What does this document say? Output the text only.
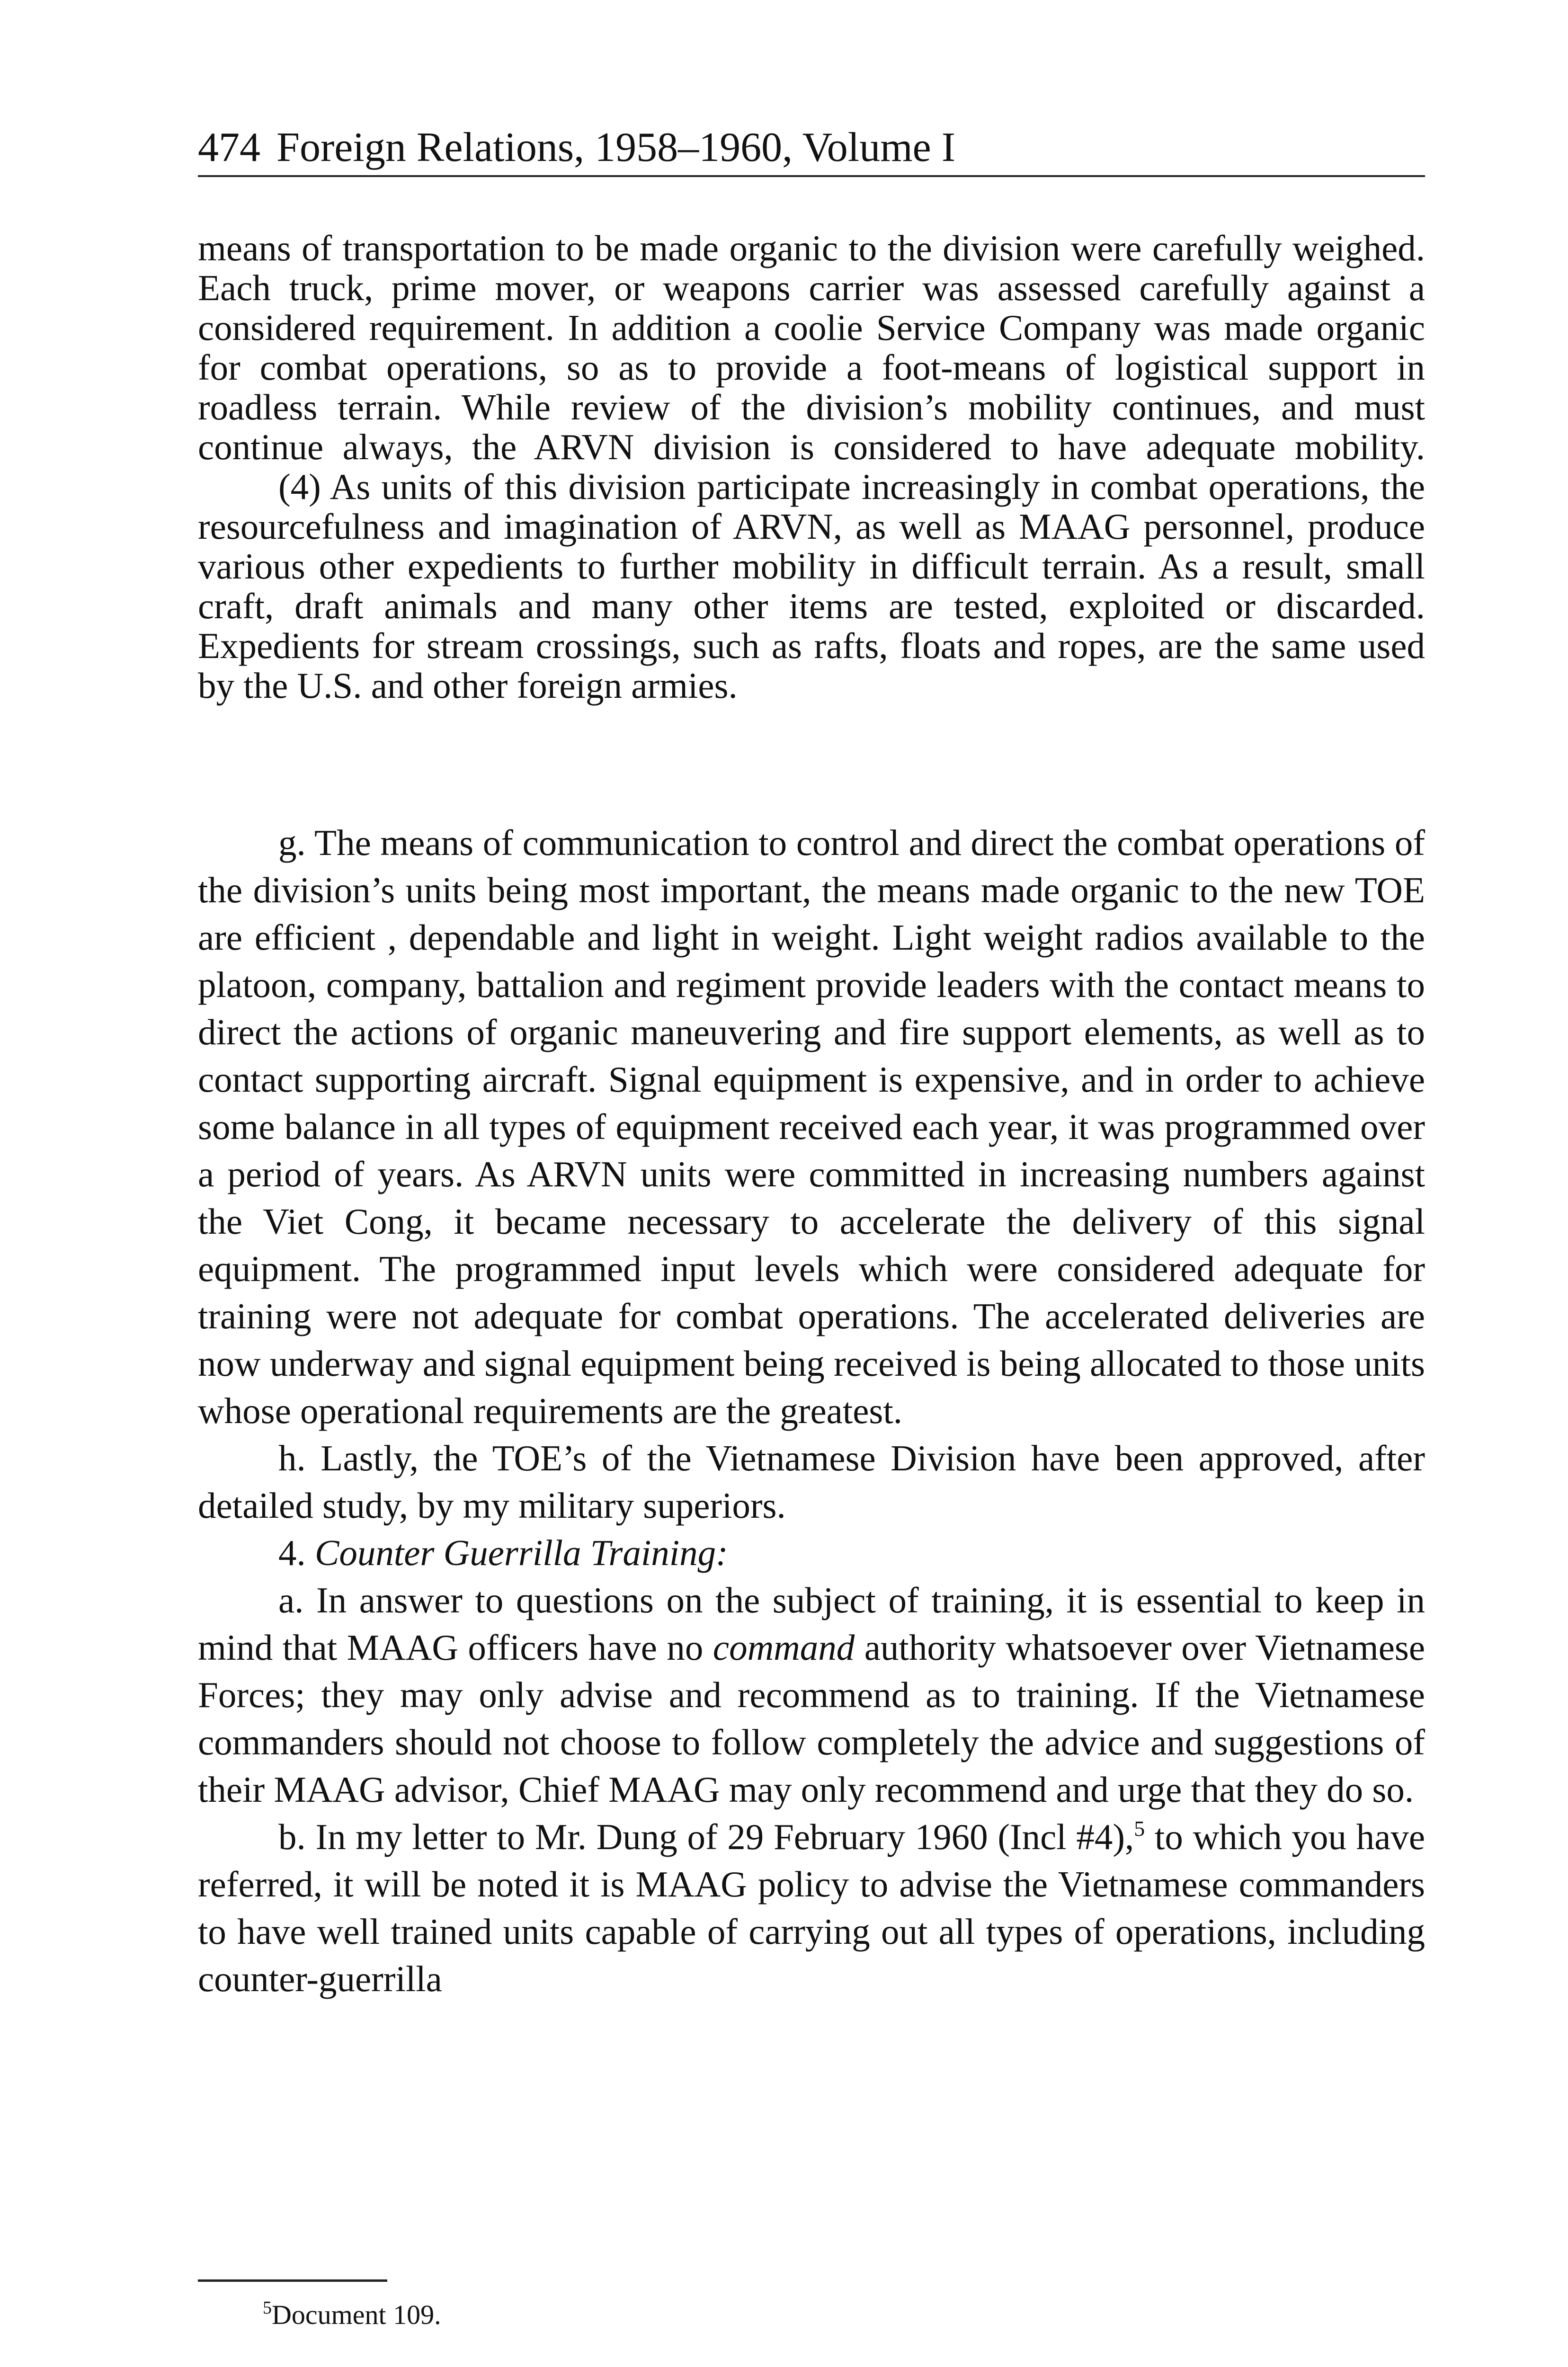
474 Foreign Relations, 1958–1960, Volume I

means of transportation to be made organic to the division were carefully weighed. Each truck, prime mover, or weapons carrier was assessed carefully against a considered requirement. In addition a coolie Service Company was made organic for combat operations, so as to provide a foot-means of logistical support in roadless terrain. While review of the division’s mobility continues, and must continue always, the ARVN division is considered to have adequate mobility.

(4) As units of this division participate increasingly in combat operations, the resourcefulness and imagination of ARVN, as well as MAAG personnel, produce various other expedients to further mobility in difficult terrain. As a result, small craft, draft animals and many other items are tested, exploited or discarded. Expedients for stream crossings, such as rafts, floats and ropes, are the same used by the U.S. and other foreign armies.

g. The means of communication to control and direct the combat operations of the division’s units being most important, the means made organic to the new TOE are efficient , dependable and light in weight. Light weight radios available to the platoon, company, battalion and regiment provide leaders with the contact means to direct the actions of organic maneuvering and fire support elements, as well as to contact supporting aircraft. Signal equipment is expensive, and in order to achieve some balance in all types of equipment received each year, it was programmed over a period of years. As ARVN units were committed in increasing numbers against the Viet Cong, it became necessary to accelerate the delivery of this signal equipment. The programmed input levels which were considered adequate for training were not adequate for combat operations. The accelerated deliveries are now underway and signal equipment being received is being allocated to those units whose operational requirements are the greatest.

h. Lastly, the TOE’s of the Vietnamese Division have been approved, after detailed study, by my military superiors.

4. Counter Guerrilla Training:

a. In answer to questions on the subject of training, it is essential to keep in mind that MAAG officers have no command authority whatsoever over Vietnamese Forces; they may only advise and recommend as to training. If the Vietnamese commanders should not choose to follow completely the advice and suggestions of their MAAG advisor, Chief MAAG may only recommend and urge that they do so.

b. In my letter to Mr. Dung of 29 February 1960 (Incl #4),$^5$ to which you have referred, it will be noted it is MAAG policy to advise the Vietnamese commanders to have well trained units capable of carrying out all types of operations, including counter-guerrilla

$^5$Document 109.
